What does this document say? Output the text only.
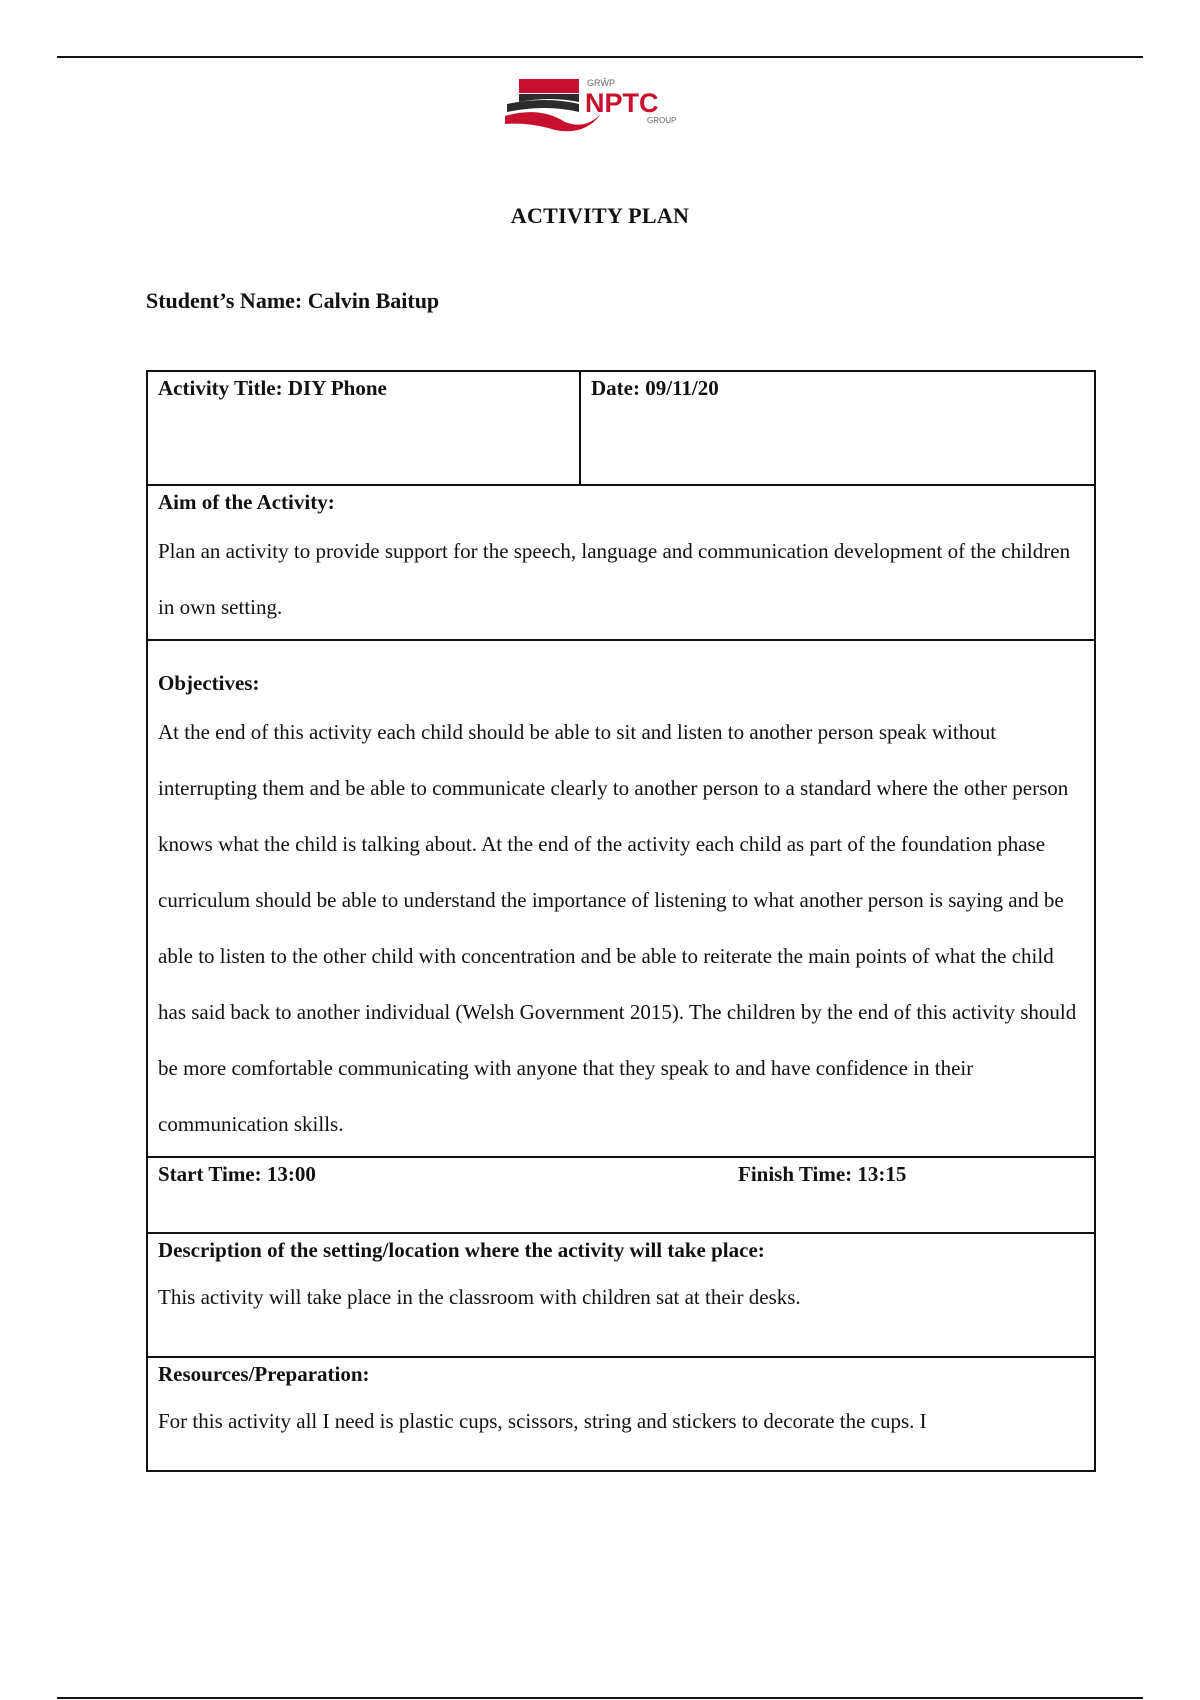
GRŴP
NPTC
GROUP
ACTIVITY PLAN
Student’s Name: Calvin Baitup
Activity Title: DIY Phone	Date: 09/11/20

Aim of the Activity:

Plan an activity to provide support for the speech, language and communication development of the children in own setting.

Objectives:

At the end of this activity each child should be able to sit and listen to another person speak without interrupting them and be able to communicate clearly to another person to a standard where the other person knows what the child is talking about. At the end of the activity each child as part of the foundation phase curriculum should be able to understand the importance of listening to what another person is saying and be able to listen to the other child with concentration and be able to reiterate the main points of what the child has said back to another individual (Welsh Government 2015). The children by the end of this activity should be more comfortable communicating with anyone that they speak to and have confidence in their communication skills.

Start Time: 13:00	Finish Time: 13:15

Description of the setting/location where the activity will take place:

This activity will take place in the classroom with children sat at their desks.

Resources/Preparation:

For this activity all I need is plastic cups, scissors, string and stickers to decorate the cups. I
